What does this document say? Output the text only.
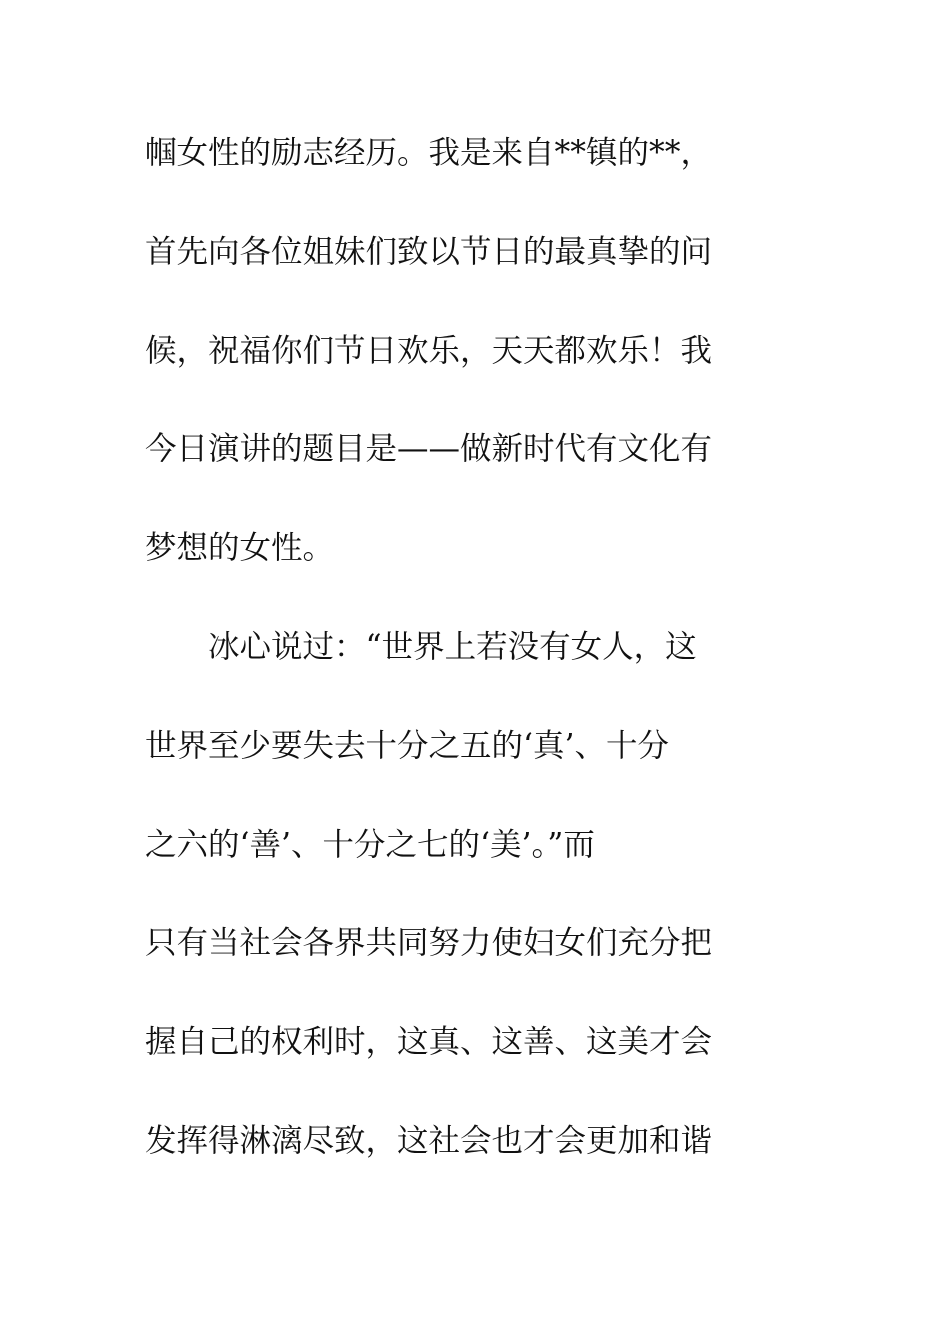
帼女性的励志经历。我是来自**镇的**，
首先向各位姐妹们致以节日的最真挚的问
候，祝福你们节日欢乐，天天都欢乐！我
今日演讲的题目是——做新时代有文化有
梦想的女性。
冰心说过：“世界上若没有女人，这
世界至少要失去十分之五的‘真’、十分
之六的‘善’、十分之七的‘美’。”而
只有当社会各界共同努力使妇女们充分把
握自己的权利时，这真、这善、这美才会
发挥得淋漓尽致，这社会也才会更加和谐
